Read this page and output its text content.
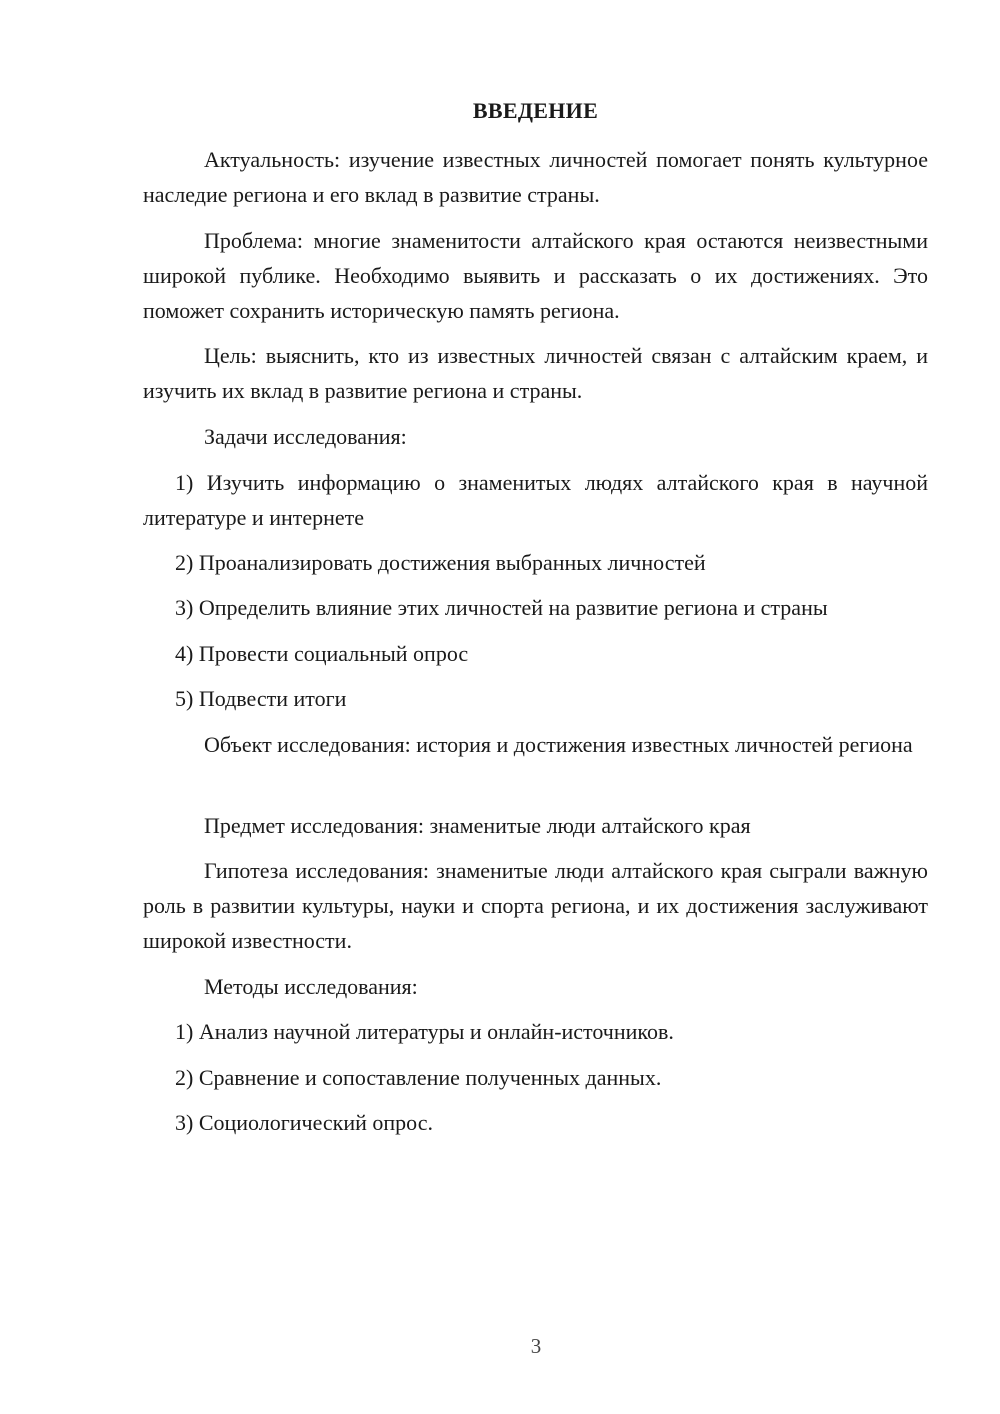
ВВЕДЕНИЕ

Актуальность: изучение известных личностей помогает понять культурное наследие региона и его вклад в развитие страны.

Проблема: многие знаменитости алтайского края остаются неизвестными широкой публике. Необходимо выявить и рассказать о их достижениях. Это поможет сохранить историческую память региона.

Цель: выяснить, кто из известных личностей связан с алтайским краем, и изучить их вклад в развитие региона и страны.

Задачи исследования:

1) Изучить информацию о знаменитых людях алтайского края в научной литературе и интернете

2) Проанализировать достижения выбранных личностей

3) Определить влияние этих личностей на развитие региона и страны

4) Провести социальный опрос

5) Подвести итоги

Объект исследования: история и достижения известных личностей региона

Предмет исследования: знаменитые люди алтайского края

Гипотеза исследования: знаменитые люди алтайского края сыграли важную роль в развитии культуры, науки и спорта региона, и их достижения заслуживают широкой известности.

Методы исследования:

1) Анализ научной литературы и онлайн-источников.

2) Сравнение и сопоставление полученных данных.

3) Социологический опрос.

3
